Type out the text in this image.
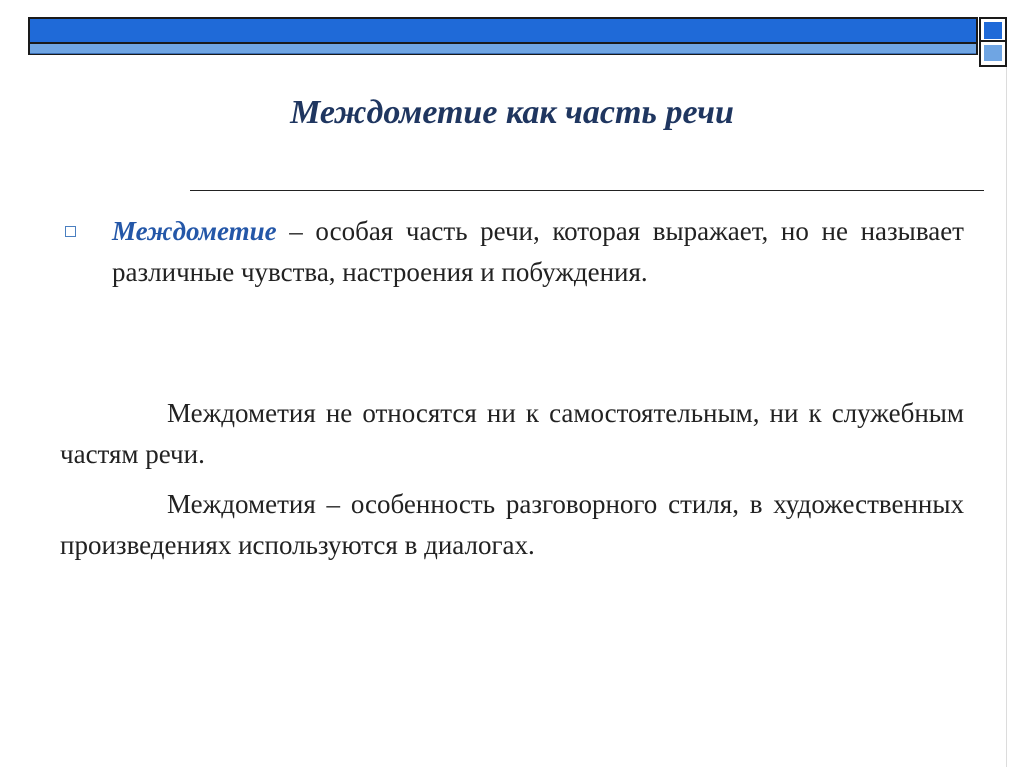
Междометие как часть речи
Междометие – особая часть речи, которая выражает, но не называет различные чувства, настроения и побуждения.
Междометия не относятся ни к самостоятельным, ни к служебным частям речи.
Междометия – особенность разговорного стиля, в художественных произведениях используются в диалогах.
